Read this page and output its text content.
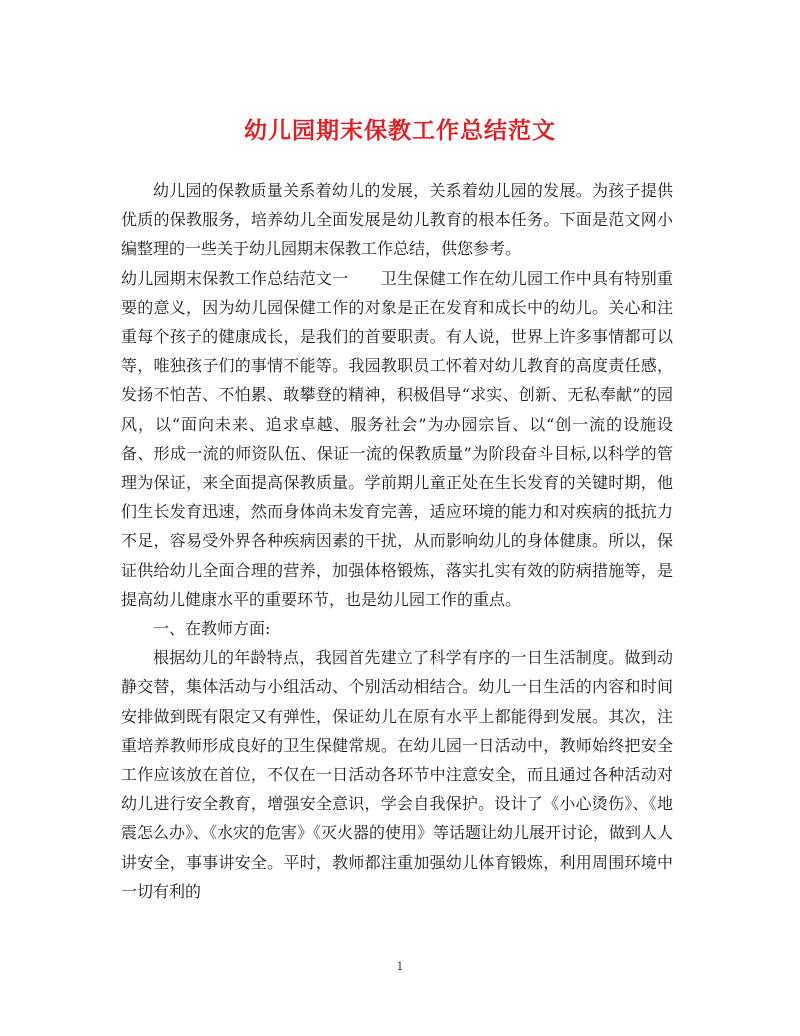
幼儿园期末保教工作总结范文

幼儿园的保教质量关系着幼儿的发展，关系着幼儿园的发展。为孩子提供优质的保教服务，培养幼儿全面发展是幼儿教育的根本任务。下面是范文网小编整理的一些关于幼儿园期末保教工作总结，供您参考。

幼儿园期末保教工作总结范文一　　卫生保健工作在幼儿园工作中具有特别重要的意义，因为幼儿园保健工作的对象是正在发育和成长中的幼儿。关心和注重每个孩子的健康成长，是我们的首要职责。有人说，世界上许多事情都可以等，唯独孩子们的事情不能等。我园教职员工怀着对幼儿教育的高度责任感，发扬不怕苦、不怕累、敢攀登的精神，积极倡导“求实、创新、无私奉献”的园风，以“面向未来、追求卓越、服务社会”为办园宗旨、以“创一流的设施设备、形成一流的师资队伍、保证一流的保教质量”为阶段奋斗目标,以科学的管理为保证，来全面提高保教质量。学前期儿童正处在生长发育的关键时期，他们生长发育迅速，然而身体尚未发育完善，适应环境的能力和对疾病的抵抗力不足，容易受外界各种疾病因素的干扰，从而影响幼儿的身体健康。所以，保证供给幼儿全面合理的营养，加强体格锻炼，落实扎实有效的防病措施等，是提高幼儿健康水平的重要环节，也是幼儿园工作的重点。

一、在教师方面:

根据幼儿的年龄特点，我园首先建立了科学有序的一日生活制度。做到动静交替，集体活动与小组活动、个别活动相结合。幼儿一日生活的内容和时间安排做到既有限定又有弹性，保证幼儿在原有水平上都能得到发展。其次，注重培养教师形成良好的卫生保健常规。在幼儿园一日活动中，教师始终把安全工作应该放在首位，不仅在一日活动各环节中注意安全，而且通过各种活动对幼儿进行安全教育，增强安全意识，学会自我保护。设计了《小心烫伤》、《地震怎么办》、《水灾的危害》《灭火器的使用》等话题让幼儿展开讨论，做到人人讲安全，事事讲安全。平时，教师都注重加强幼儿体育锻炼，利用周围环境中一切有利的

1
